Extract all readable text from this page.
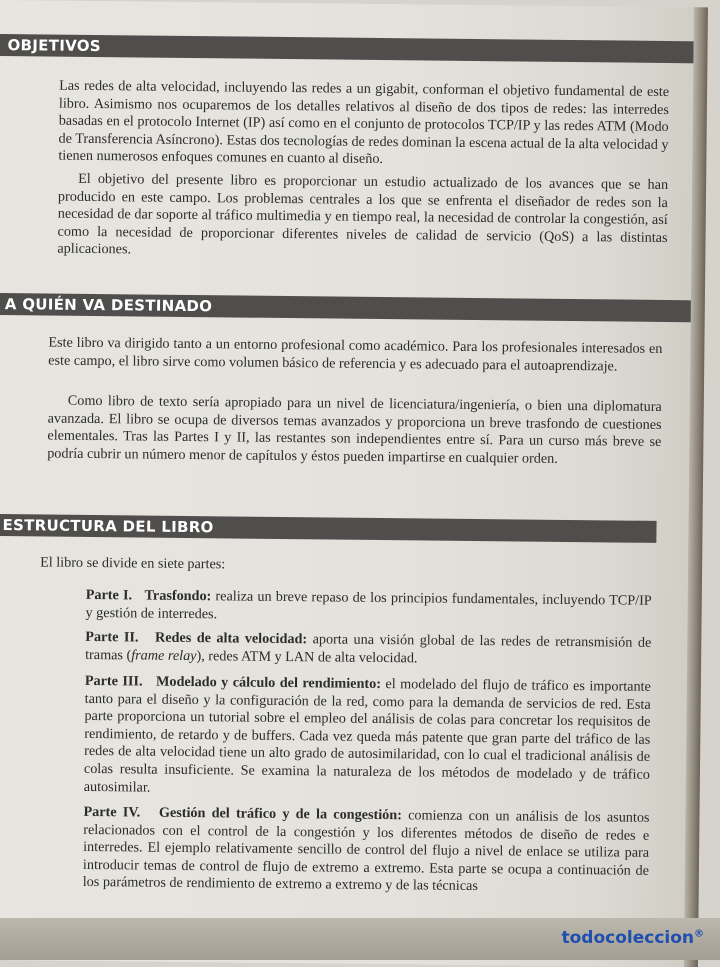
OBJETIVOS

Las redes de alta velocidad, incluyendo las redes a un gigabit, conforman el objetivo fundamental de este libro. Asimismo nos ocuparemos de los detalles relativos al diseño de dos tipos de redes: las interredes basadas en el protocolo Internet (IP) así como en el conjunto de protocolos TCP/IP y las redes ATM (Modo de Transferencia Asíncrono). Estas dos tecnologías de redes dominan la escena actual de la alta velocidad y tienen numerosos enfoques comunes en cuanto al diseño.

El objetivo del presente libro es proporcionar un estudio actualizado de los avances que se han producido en este campo. Los problemas centrales a los que se enfrenta el diseñador de redes son la necesidad de dar soporte al tráfico multimedia y en tiempo real, la necesidad de controlar la congestión, así como la necesidad de proporcionar diferentes niveles de calidad de servicio (QoS) a las distintas aplicaciones.

A QUIÉN VA DESTINADO

Este libro va dirigido tanto a un entorno profesional como académico. Para los profesionales interesados en este campo, el libro sirve como volumen básico de referencia y es adecuado para el autoaprendizaje.

Como libro de texto sería apropiado para un nivel de licenciatura/ingeniería, o bien una diplomatura avanzada. El libro se ocupa de diversos temas avanzados y proporciona un breve trasfondo de cuestiones elementales. Tras las Partes I y II, las restantes son independientes entre sí. Para un curso más breve se podría cubrir un número menor de capítulos y éstos pueden impartirse en cualquier orden.

ESTRUCTURA DEL LIBRO

El libro se divide en siete partes:

Parte I. Trasfondo: realiza un breve repaso de los principios fundamentales, incluyendo TCP/IP y gestión de interredes.

Parte II. Redes de alta velocidad: aporta una visión global de las redes de retransmisión de tramas (frame relay), redes ATM y LAN de alta velocidad.

Parte III. Modelado y cálculo del rendimiento: el modelado del flujo de tráfico es importante tanto para el diseño y la configuración de la red, como para la demanda de servicios de red. Esta parte proporciona un tutorial sobre el empleo del análisis de colas para concretar los requisitos de rendimiento, de retardo y de buffers. Cada vez queda más patente que gran parte del tráfico de las redes de alta velocidad tiene un alto grado de autosimilaridad, con lo cual el tradicional análisis de colas resulta insuficiente. Se examina la naturaleza de los métodos de modelado y de tráfico autosimilar.

Parte IV. Gestión del tráfico y de la congestión: comienza con un análisis de los asuntos relacionados con el control de la congestión y los diferentes métodos de diseño de redes e interredes. El ejemplo relativamente sencillo de control del flujo a nivel de enlace se utiliza para introducir temas de control de flujo de extremo a extremo. Esta parte se ocupa a continuación de los parámetros de rendimiento de extremo a extremo y de las técnicas

todocoleccion®
